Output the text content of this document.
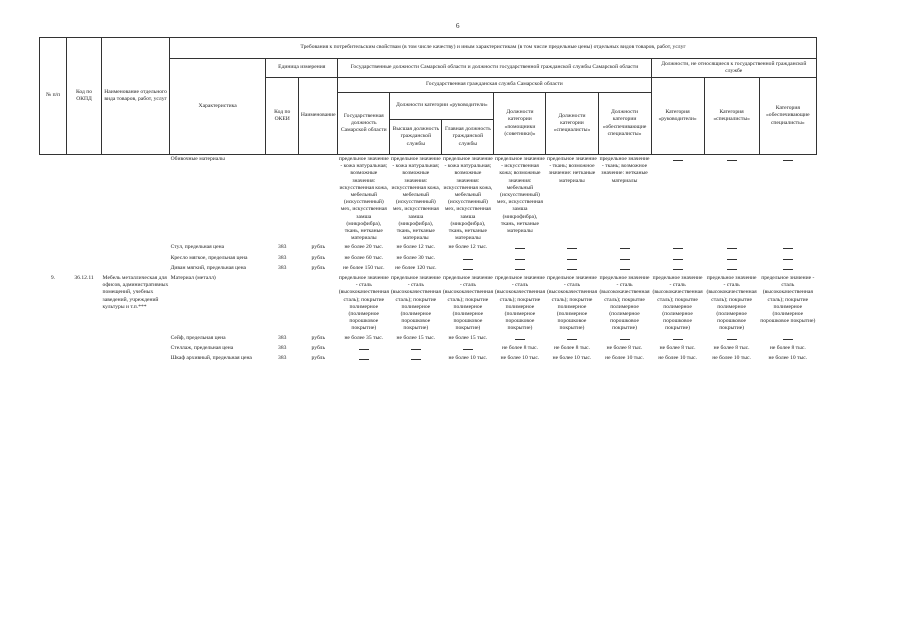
6
№ п/п	Код по ОКПД	Наименование отдельного вида товаров, работ, услуг	Требования к потребительским свойствам (в том числе качеству) и иным характеристикам (в том числе предельные цены) отдельных видов товаров, работ, услуг											
			Характеристика	Единица измерения		Государственные должности Самарской области и должности государственной гражданской службы Самарской области						Должности, не относящиеся к государственной гражданской службе		
				Код по ОКЕИ	Наименование	Государственная гражданская служба Самарской области						Категория «руководители»	Категория «специалисты»	Категория «обеспечивающие специалисты»
						Государственная должность Самарской области	Должности категории «руководители»		Должности категории «помощники (советники)»	Должности категории «специалисты»	Должности категории «обеспечивающие специалисты»			
							Высшая должность гражданской службы	Главная должность гражданской службы						
			Обивочные материалы			предельное значение - кожа натуральная; возможные значения: искусственная кожа, мебельный (искусственный) мех, искусственная замша (микрофибра), ткань, нетканые материалы	предельное значение - кожа натуральная; возможные значения: искусственная кожа, мебельный (искусственный) мех, искусственная замша (микрофибра), ткань, нетканые материалы	предельное значение - кожа натуральная; возможные значения: искусственная кожа, мебельный (искусственный) мех, искусственная замша (микрофибра), ткань, нетканые материалы	предельное значение - искусственная кожа; возможные значения: мебельный (искусственный) мех, искусственная замша (микрофибра), ткань, нетканые материалы	предельное значение - ткань; возможное значение: нетканые материалы	предельное значение - ткань; возможное значение: нетканые материалы			
			Стул, предельная цена	383	рубль	не более 20 тыс.	не более 12 тыс.	не более 12 тыс.						
			Кресло мягкое, предельная цена	383	рубль	не более 60 тыс.	не более 30 тыс.							
			Диван мягкий, предельная цена	383	рубль	не более 150 тыс.	не более 120 тыс.							
9.	36.12.11	Мебель металлическая для офисов, административных помещений, учебных заведений, учреждений культуры и т.п.***	Материал (металл)			предельное значение - сталь (высококачественная сталь); покрытие полимерное (полимерное порошковое покрытие)	предельное значение - сталь (высококачественная сталь); покрытие полимерное (полимерное порошковое покрытие)	предельное значение - сталь (высококачественная сталь); покрытие полимерное (полимерное порошковое покрытие)	предельное значение - сталь (высококачественная сталь); покрытие полимерное (полимерное порошковое покрытие)	предельное значение - сталь (высококачественная сталь); покрытие полимерное (полимерное порошковое покрытие)	предельное значение - сталь (высококачественная сталь); покрытие полимерное (полимерное порошковое покрытие)	предельное значение - сталь (высококачественная сталь); покрытие полимерное (полимерное порошковое покрытие)	предельное значение - сталь (высококачественная сталь); покрытие полимерное (полимерное порошковое покрытие)	предельное значение - сталь (высококачественная сталь); покрытие полимерное (полимерное порошковое покрытие)
			Сейф, предельная цена	383	рубль	не более 35 тыс.	не более 15 тыс.	не более 15 тыс.						
			Стеллаж, предельная цена	383	рубль				не более 8 тыс.	не более 8 тыс.	не более 8 тыс.	не более 8 тыс.	не более 8 тыс.	не более 8 тыс.
			Шкаф архивный, предельная цена	383	рубль			не более 10 тыс.	не более 10 тыс.	не более 10 тыс.	не более 10 тыс.	не более 10 тыс.	не более 10 тыс.	не более 10 тыс.
